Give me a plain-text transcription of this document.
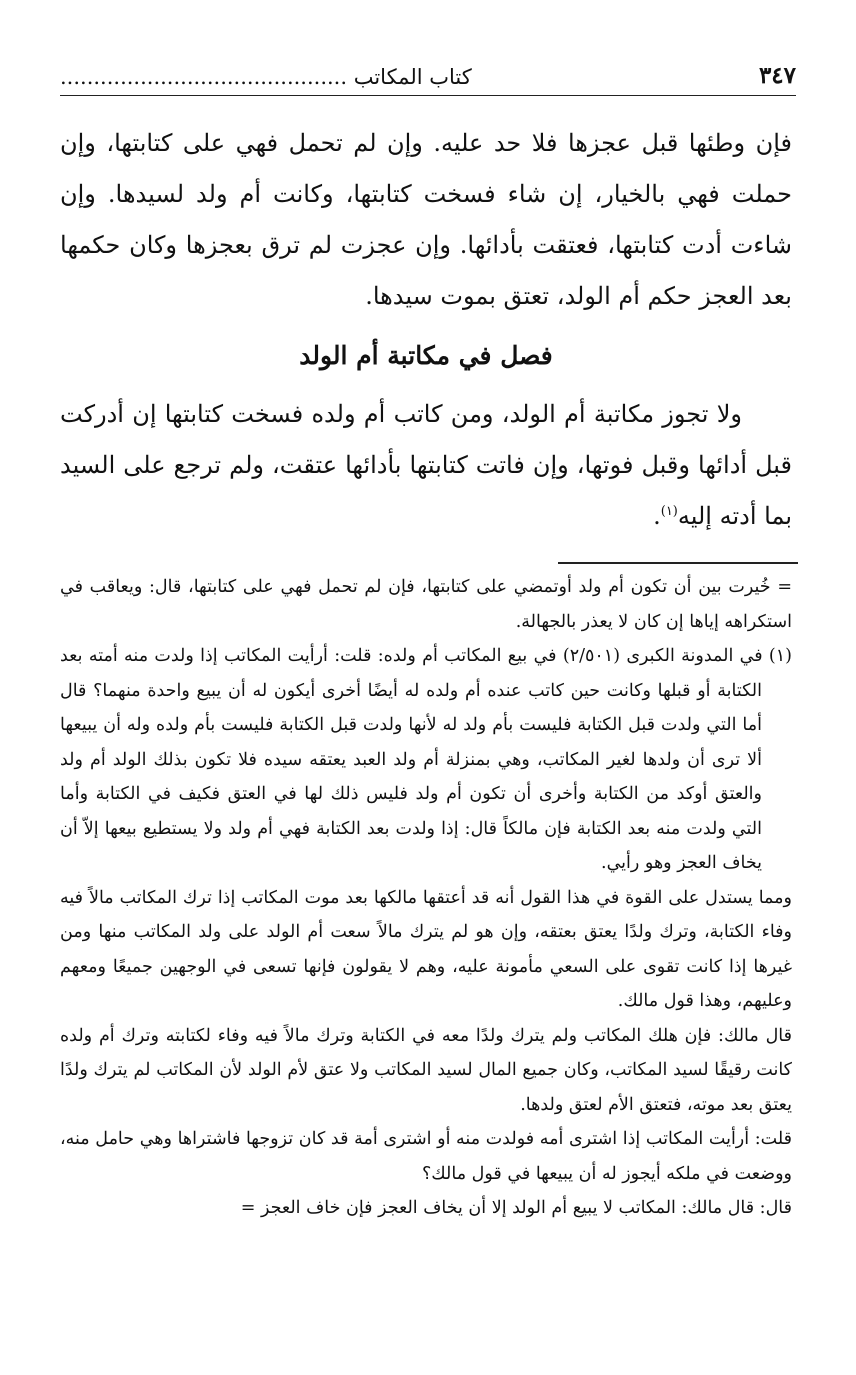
٣٤٧
كتاب المكاتب ...........................................

فإن وطئها قبل عجزها فلا حد عليه. وإن لم تحمل فهي على كتابتها، وإن حملت فهي بالخيار، إن شاء فسخت كتابتها، وكانت أم ولد لسيدها. وإن شاءت أدت كتابتها، فعتقت بأدائها. وإن عجزت لم ترق بعجزها وكان حكمها بعد العجز حكم أم الولد، تعتق بموت سيدها.

فصل في مكاتبة أم الولد

ولا تجوز مكاتبة أم الولد، ومن كاتب أم ولده فسخت كتابتها إن أدركت قبل أدائها وقبل فوتها، وإن فاتت كتابتها بأدائها عتقت، ولم ترجع على السيد بما أدته إليه$^{(١)}$.

= خُيرت بين أن تكون أم ولد أوتمضي على كتابتها، فإن لم تحمل فهي على كتابتها، قال: ويعاقب في استكراهه إياها إن كان لا يعذر بالجهالة.

(١) في المدونة الكبرى (٢/٥٠١) في بيع المكاتب أم ولده: قلت: أرأيت المكاتب إذا ولدت منه أمته بعد الكتابة أو قبلها وكانت حين كاتب عنده أم ولده له أيضًا أخرى أيكون له أن يبيع واحدة منهما؟ قال أما التي ولدت قبل الكتابة فليست بأم ولد له لأنها ولدت قبل الكتابة فليست بأم ولده وله أن يبيعها ألا ترى أن ولدها لغير المكاتب، وهي بمنزلة أم ولد العبد يعتقه سيده فلا تكون بذلك الولد أم ولد والعتق أوكد من الكتابة وأخرى أن تكون أم ولد فليس ذلك لها في العتق فكيف في الكتابة وأما التي ولدت منه بعد الكتابة فإن مالكاً قال: إذا ولدت بعد الكتابة فهي أم ولد ولا يستطيع بيعها إلاّ أن يخاف العجز وهو رأيي.

ومما يستدل على القوة في هذا القول أنه قد أعتقها مالكها بعد موت المكاتب إذا ترك المكاتب مالاً فيه وفاء الكتابة، وترك ولدًا يعتق بعتقه، وإن هو لم يترك مالاً سعت أم الولد على ولد المكاتب منها ومن غيرها إذا كانت تقوى على السعي مأمونة عليه، وهم لا يقولون فإنها تسعى في الوجهين جميعًا ومعهم وعليهم، وهذا قول مالك.

قال مالك: فإن هلك المكاتب ولم يترك ولدًا معه في الكتابة وترك مالاً فيه وفاء لكتابته وترك أم ولده كانت رقيقًا لسيد المكاتب، وكان جميع المال لسيد المكاتب ولا عتق لأم الولد لأن المكاتب لم يترك ولدًا يعتق بعد موته، فتعتق الأم لعتق ولدها.

قلت: أرأيت المكاتب إذا اشترى أمه فولدت منه أو اشترى أمة قد كان تزوجها فاشتراها وهي حامل منه، ووضعت في ملكه أيجوز له أن يبيعها في قول مالك؟

قال: قال مالك: المكاتب لا يبيع أم الولد إلا أن يخاف العجز فإن خاف العجز =
